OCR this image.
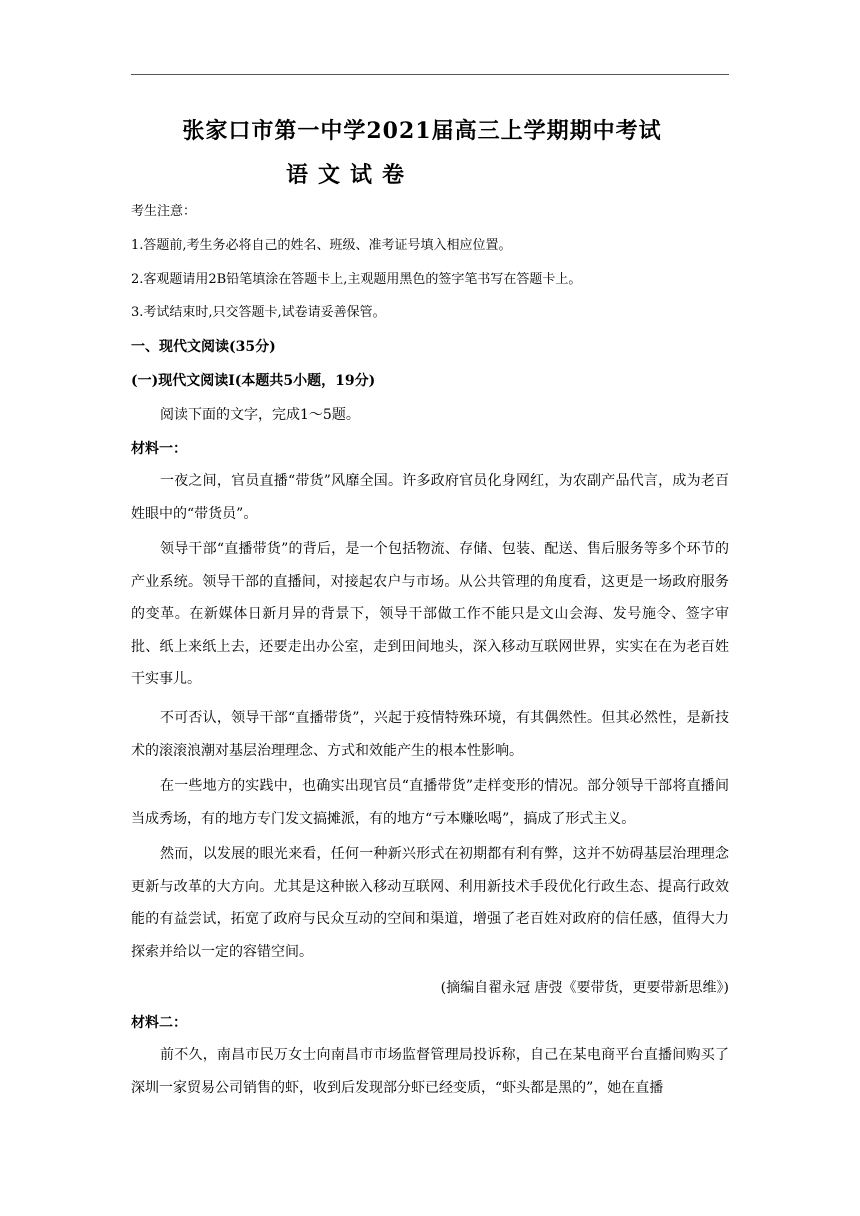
张家口市第一中学2021届高三上学期期中考试
语文试卷
考生注意：
1.答题前,考生务必将自己的姓名、班级、准考证号填入相应位置。
2.客观题请用2B铅笔填涂在答题卡上,主观题用黑色的签字笔书写在答题卡上。
3.考试结束时,只交答题卡,试卷请妥善保管。
一、现代文阅读(35分)
(一)现代文阅读Ⅰ(本题共5小题，19分)
阅读下面的文字，完成1～5题。
材料一：
一夜之间，官员直播“带货”风靡全国。许多政府官员化身网红，为农副产品代言，成为老百姓眼中的“带货员”。
领导干部“直播带货”的背后，是一个包括物流、存储、包装、配送、售后服务等多个环节的产业系统。领导干部的直播间，对接起农户与市场。从公共管理的角度看，这更是一场政府服务的变革。在新媒体日新月异的背景下，领导干部做工作不能只是文山会海、发号施令、签字审批、纸上来纸上去，还要走出办公室，走到田间地头，深入移动互联网世界，实实在在为老百姓干实事儿。
不可否认，领导干部“直播带货”，兴起于疫情特殊环境，有其偶然性。但其必然性，是新技术的滚滚浪潮对基层治理理念、方式和效能产生的根本性影响。
在一些地方的实践中，也确实出现官员“直播带货”走样变形的情况。部分领导干部将直播间当成秀场，有的地方专门发文搞摊派，有的地方“亏本赚吆喝”，搞成了形式主义。
然而，以发展的眼光来看，任何一种新兴形式在初期都有利有弊，这并不妨碍基层治理理念更新与改革的大方向。尤其是这种嵌入移动互联网、利用新技术手段优化行政生态、提高行政效能的有益尝试，拓宽了政府与民众互动的空间和渠道，增强了老百姓对政府的信任感，值得大力探索并给以一定的容错空间。
(摘编自翟永冠 唐弢《要带货，更要带新思维》)
材料二：
前不久，南昌市民万女士向南昌市市场监督管理局投诉称，自己在某电商平台直播间购买了深圳一家贸易公司销售的虾，收到后发现部分虾已经变质，“虾头都是黑的”，她在直播
